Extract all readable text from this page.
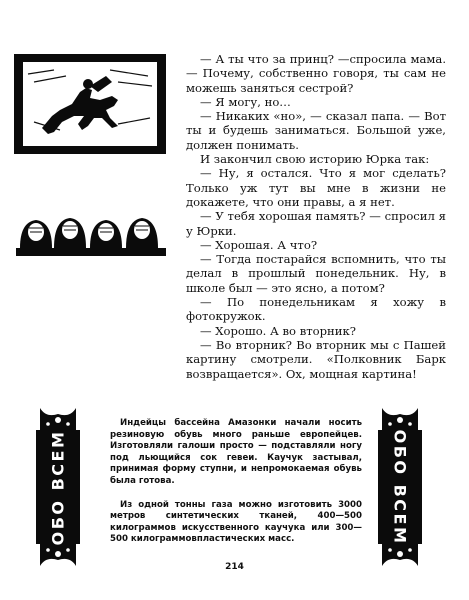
— А ты что за принц? —спросила мама. — Почему, собственно говоря, ты сам не можешь заняться сестрой?

— Я могу, но…

— Никаких «но», — сказал папа. — Вот ты и будешь заниматься. Большой уже, должен понимать.

И закончил свою историю Юрка так:

— Ну, я остался. Что я мог сделать? Только уж тут вы мне в жизни не докажете, что они правы, а я нет.

— У тебя хорошая память? — спросил я у Юрки.

— Хорошая. А что?

— Тогда постарайся вспомнить, что ты делал в прошлый понедельник. Ну, в школе был — это ясно, а потом?

— По понедельникам я хожу в фотокружок.

— Хорошо. А во вторник?

— Во вторник? Во вторник мы с Пашей картину смотрели. «Полковник Барк возвращается». Ох, мощная картина!

ОБО ВСЕМ

Индейцы бассейна Амазонки начали носить резиновую обувь много раньше европейцев. Изготовляли галоши просто — подставляли ногу под льющийся сок гевеи. Каучук застывал, принимая форму ступни, и непромокаемая обувь была готова.

Из одной тонны газа можно изготовить 3000 метров синтетических тканей, 400—500 килограммов искусственного каучука или 300—500 килограммовпластических масс.	ОБО ВСЕМ
214
